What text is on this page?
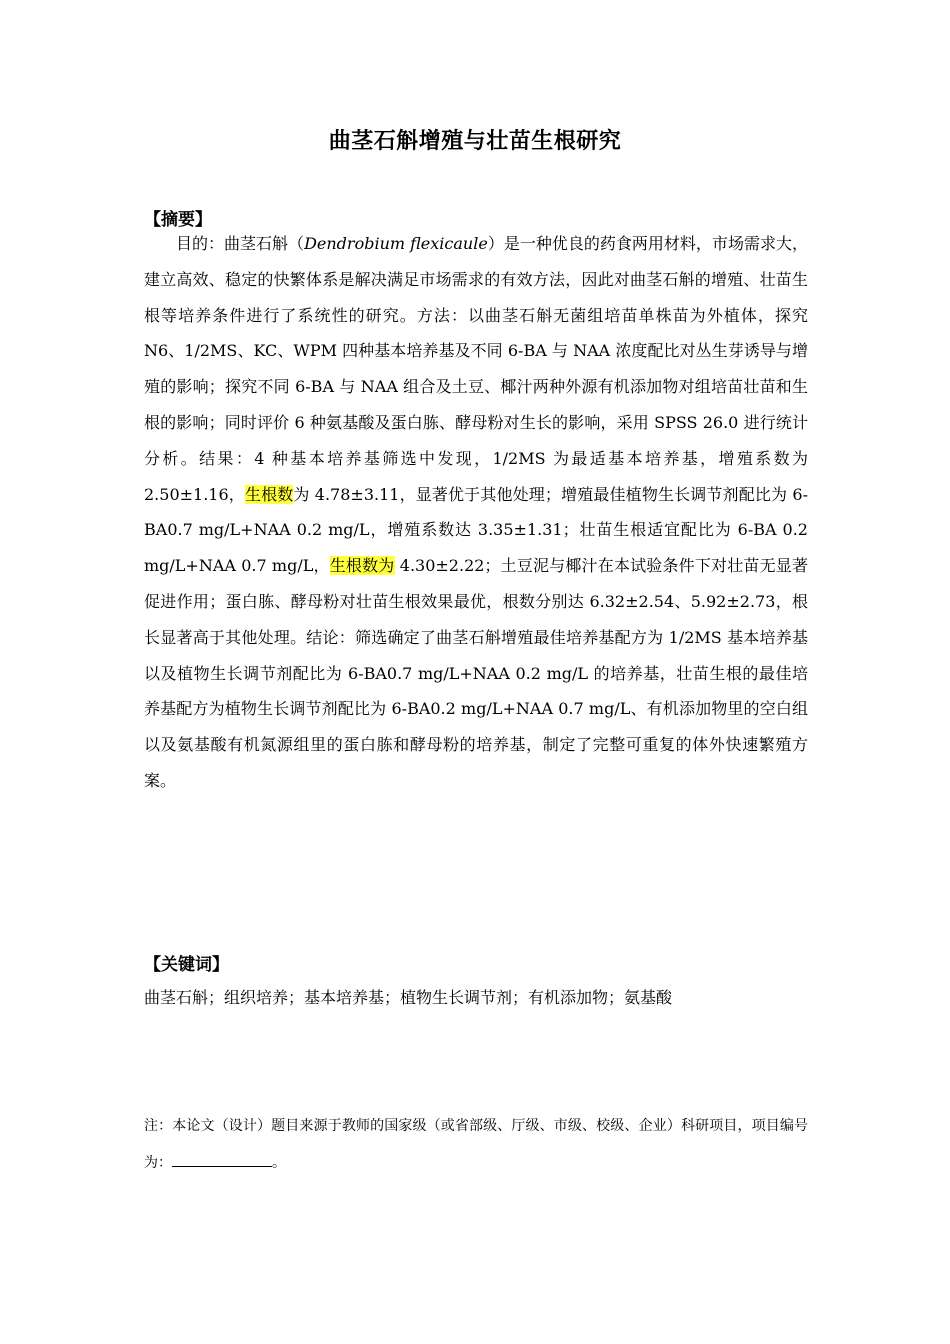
曲茎石斛增殖与壮苗生根研究
【摘要】

目的：曲茎石斛（Dendrobium flexicaule）是一种优良的药食两用材料，市场需求大，建立高效、稳定的快繁体系是解决满足市场需求的有效方法，因此对曲茎石斛的增殖、壮苗生根等培养条件进行了系统性的研究。方法：以曲茎石斛无菌组培苗单株苗为外植体，探究 N6、1/2MS、KC、WPM 四种基本培养基及不同 6-BA 与 NAA 浓度配比对丛生芽诱导与增殖的影响；探究不同 6-BA 与 NAA 组合及土豆、椰汁两种外源有机添加物对组培苗壮苗和生根的影响；同时评价 6 种氨基酸及蛋白胨、酵母粉对生长的影响，采用 SPSS 26.0 进行统计分析。结果：4 种基本培养基筛选中发现，1/2MS 为最适基本培养基，增殖系数为 2.50±1.16，生根数为 4.78±3.11，显著优于其他处理；增殖最佳植物生长调节剂配比为 6-BA0.7 mg/L+NAA 0.2 mg/L，增殖系数达 3.35±1.31；壮苗生根适宜配比为 6-BA 0.2 mg/L+NAA 0.7 mg/L，生根数为 4.30±2.22；土豆泥与椰汁在本试验条件下对壮苗无显著促进作用；蛋白胨、酵母粉对壮苗生根效果最优，根数分别达 6.32±2.54、5.92±2.73，根长显著高于其他处理。结论：筛选确定了曲茎石斛增殖最佳培养基配方为 1/2MS 基本培养基以及植物生长调节剂配比为 6-BA0.7 mg/L+NAA 0.2 mg/L 的培养基，壮苗生根的最佳培养基配方为植物生长调节剂配比为 6-BA0.2 mg/L+NAA 0.7 mg/L、有机添加物里的空白组以及氨基酸有机氮源组里的蛋白胨和酵母粉的培养基，制定了完整可重复的体外快速繁殖方案。

【关键词】

曲茎石斛；组织培养；基本培养基；植物生长调节剂；有机添加物；氨基酸

注：本论文（设计）题目来源于教师的国家级（或省部级、厅级、市级、校级、企业）科研项目，项目编号为：	。
